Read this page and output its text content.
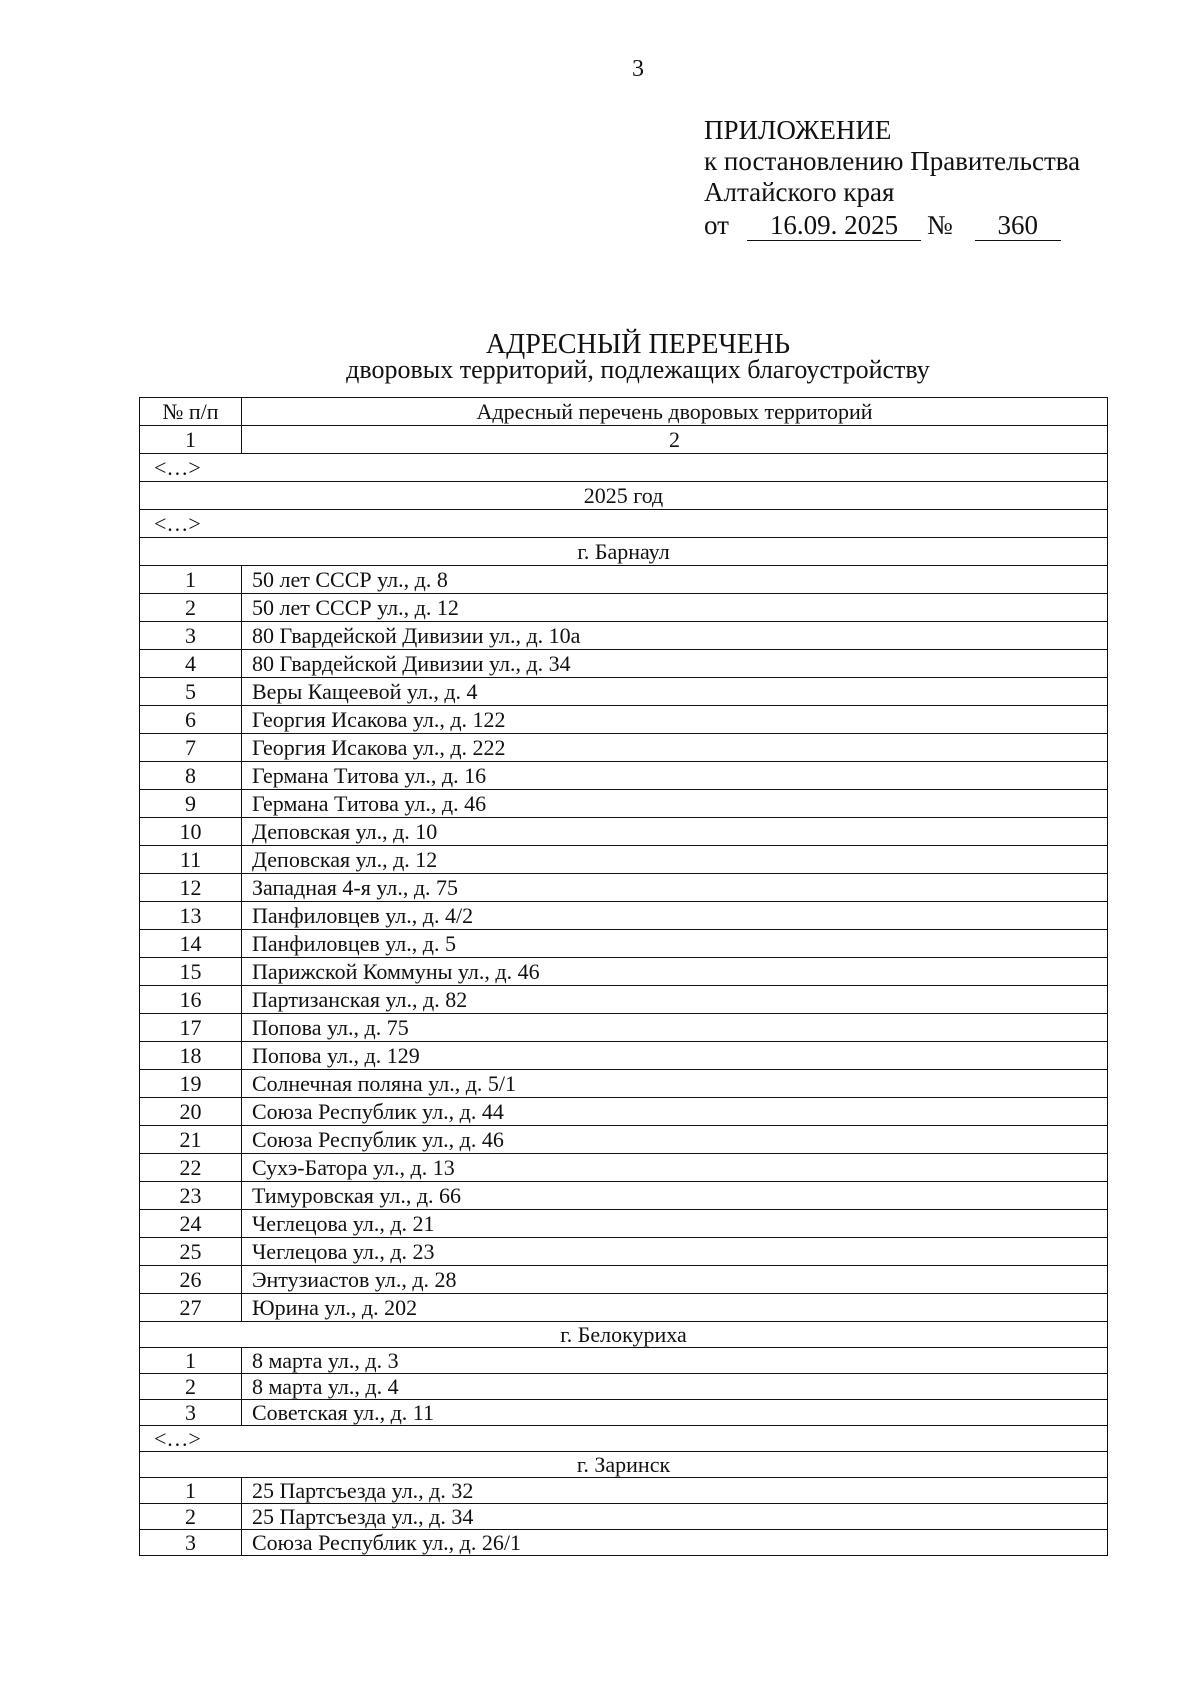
3
ПРИЛОЖЕНИЕ
к постановлению Правительства
Алтайского края
от	16.09. 2025	№	360
АДРЕСНЫЙ ПЕРЕЧЕНЬ
дворовых территорий, подлежащих благоустройству
№ п/п	Адресный перечень дворовых территорий
1	2
<…>	
2025 год	
<…>	
г. Барнаул	
1	50 лет СССР ул., д. 8
2	50 лет СССР ул., д. 12
3	80 Гвардейской Дивизии ул., д. 10а
4	80 Гвардейской Дивизии ул., д. 34
5	Веры Кащеевой ул., д. 4
6	Георгия Исакова ул., д. 122
7	Георгия Исакова ул., д. 222
8	Германа Титова ул., д. 16
9	Германа Титова ул., д. 46
10	Деповская ул., д. 10
11	Деповская ул., д. 12
12	Западная 4-я ул., д. 75
13	Панфиловцев ул., д. 4/2
14	Панфиловцев ул., д. 5
15	Парижской Коммуны ул., д. 46
16	Партизанская ул., д. 82
17	Попова ул., д. 75
18	Попова ул., д. 129
19	Солнечная поляна ул., д. 5/1
20	Союза Республик ул., д. 44
21	Союза Республик ул., д. 46
22	Сухэ-Батора ул., д. 13
23	Тимуровская ул., д. 66
24	Чеглецова ул., д. 21
25	Чеглецова ул., д. 23
26	Энтузиастов ул., д. 28
27	Юрина ул., д. 202
г. Белокуриха	
1	8 марта ул., д. 3
2	8 марта ул., д. 4
3	Советская ул., д. 11
<…>	
г. Заринск	
1	25 Партсъезда ул., д. 32
2	25 Партсъезда ул., д. 34
3	Союза Республик ул., д. 26/1
